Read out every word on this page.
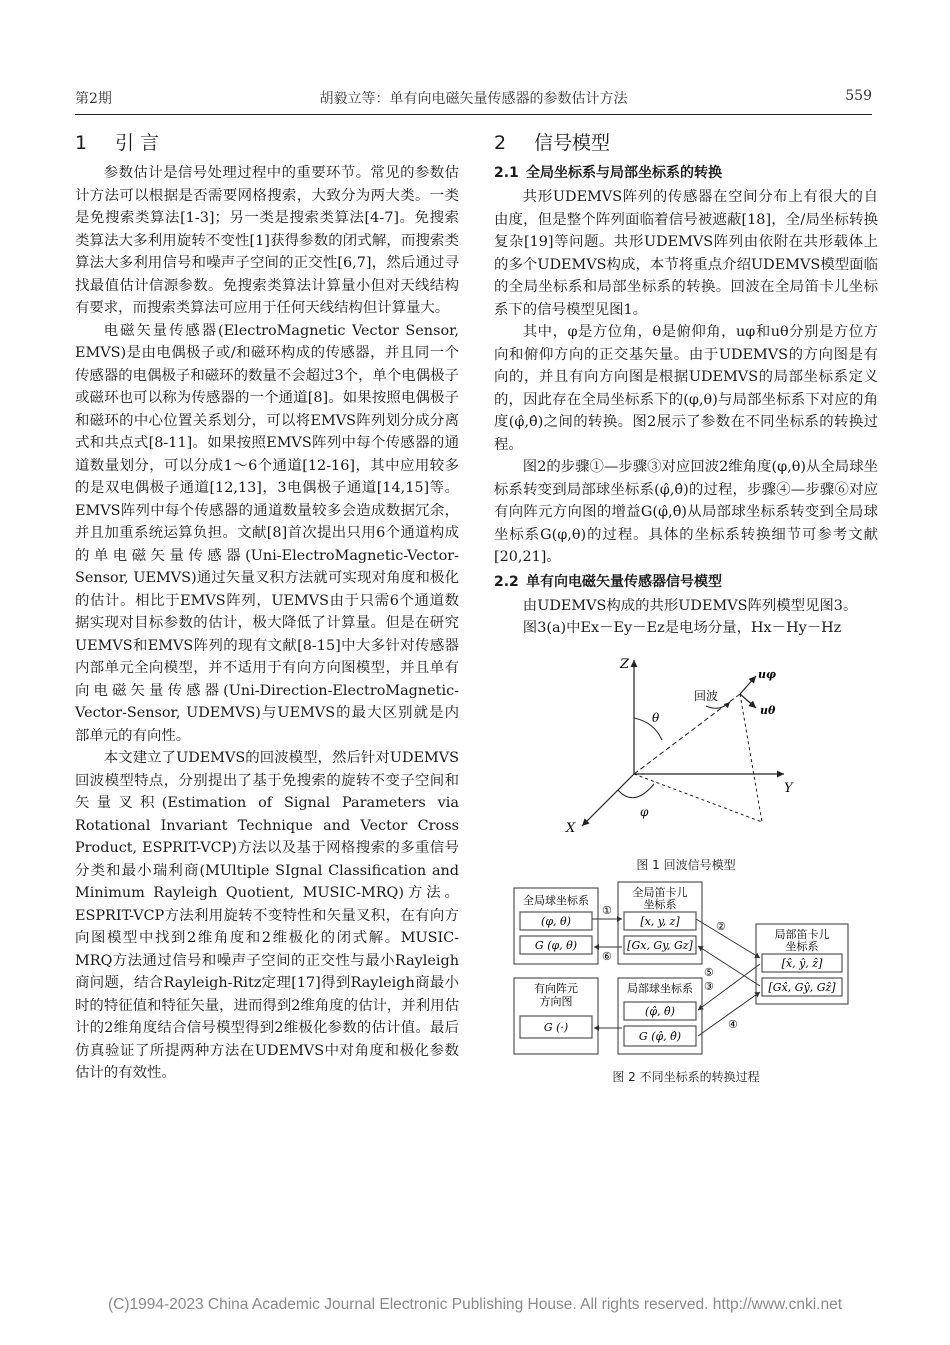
第2期	胡毅立等：单有向电磁矢量传感器的参数估计方法	559
1 引 言

参数估计是信号处理过程中的重要环节。常见的参数估计方法可以根据是否需要网格搜索，大致分为两大类。一类是免搜索类算法[1-3]；另一类是搜索类算法[4-7]。免搜索类算法大多利用旋转不变性[1]获得参数的闭式解，而搜索类算法大多利用信号和噪声子空间的正交性[6,7]，然后通过寻找最值估计信源参数。免搜索类算法计算量小但对天线结构有要求，而搜索类算法可应用于任何天线结构但计算量大。

电磁矢量传感器(ElectroMagnetic Vector Sensor, EMVS)是由电偶极子或/和磁环构成的传感器，并且同一个传感器的电偶极子和磁环的数量不会超过3个，单个电偶极子或磁环也可以称为传感器的一个通道[8]。如果按照电偶极子和磁环的中心位置关系划分，可以将EMVS阵列划分成分离式和共点式[8-11]。如果按照EMVS阵列中每个传感器的通道数量划分，可以分成1～6个通道[12-16]，其中应用较多的是双电偶极子通道[12,13]，3电偶极子通道[14,15]等。EMVS阵列中每个传感器的通道数量较多会造成数据冗余，并且加重系统运算负担。文献[8]首次提出只用6个通道构成的单电磁矢量传感器(Uni-ElectroMagnetic-Vector-Sensor, UEMVS)通过矢量叉积方法就可实现对角度和极化的估计。相比于EMVS阵列，UEMVS由于只需6个通道数据实现对目标参数的估计，极大降低了计算量。但是在研究UEMVS和EMVS阵列的现有文献[8-15]中大多针对传感器内部单元全向模型，并不适用于有向方向图模型，并且单有向电磁矢量传感器(Uni-Direction-ElectroMagnetic-Vector-Sensor, UDEMVS)与UEMVS的最大区别就是内部单元的有向性。

本文建立了UDEMVS的回波模型，然后针对UDEMVS回波模型特点，分别提出了基于免搜索的旋转不变子空间和矢量叉积(Estimation of Signal Parameters via Rotational Invariant Technique and Vector Cross Product, ESPRIT-VCP)方法以及基于网格搜索的多重信号分类和最小瑞利商(MUltiple SIgnal Classification and Minimum Rayleigh Quotient, MUSIC-MRQ)方法。ESPRIT-VCP方法利用旋转不变特性和矢量叉积，在有向方向图模型中找到2维角度和2维极化的闭式解。MUSIC-MRQ方法通过信号和噪声子空间的正交性与最小Rayleigh商问题，结合Rayleigh-Ritz定理[17]得到Rayleigh商最小时的特征值和特征矢量，进而得到2维角度的估计，并利用估计的2维角度结合信号模型得到2维极化参数的估计值。最后仿真验证了所提两种方法在UDEMVS中对角度和极化参数估计的有效性。

2 信号模型
2.1 全局坐标系与局部坐标系的转换

共形UDEMVS阵列的传感器在空间分布上有很大的自由度，但是整个阵列面临着信号被遮蔽[18]，全/局坐标转换复杂[19]等问题。共形UDEMVS阵列由依附在共形载体上的多个UDEMVS构成，本节将重点介绍UDEMVS模型面临的全局坐标系和局部坐标系的转换。回波在全局笛卡儿坐标系下的信号模型见图1。

其中，φ是方位角，θ是俯仰角，uφ和uθ分别是方位方向和俯仰方向的正交基矢量。由于UDEMVS的方向图是有向的，并且有向方向图是根据UDEMVS的局部坐标系定义的，因此存在全局坐标系下的(φ,θ)与局部坐标系下对应的角度(φ̂,θ̂)之间的转换。图2展示了参数在不同坐标系的转换过程。

图2的步骤①—步骤③对应回波2维角度(φ,θ)从全局球坐标系转变到局部球坐标系(φ̂,θ̂)的过程，步骤④—步骤⑥对应有向阵元方向图的增益G(φ̂,θ̂)从局部球坐标系转变到全局球坐标系G(φ,θ)的过程。具体的坐标系转换细节可参考文献[20,21]。

2.2 单有向电磁矢量传感器信号模型

由UDEMVS构成的共形UDEMVS阵列模型见图3。

图3(a)中Ex－Ey－Ez是电场分量，Hx－Hy－Hz

Z
Y
X
θ
φ
uφ
uθ
回波
图 1 回波信号模型
全局球坐标系
(φ, θ)
G (φ, θ)
全局笛卡儿
坐标系
[x, y, z]
[Gx, Gy, Gz]
局部笛卡儿
坐标系
[x̂, ŷ, ẑ]
[Gx̂, Gŷ, Gẑ]
有向阵元
方向图
G (·)
局部球坐标系
(φ̂, θ̂)
G (φ̂, θ̂)
①
⑥
②
⑤
③
④
图 2 不同坐标系的转换过程
(C)1994-2023 China Academic Journal Electronic Publishing House. All rights reserved. http://www.cnki.net
